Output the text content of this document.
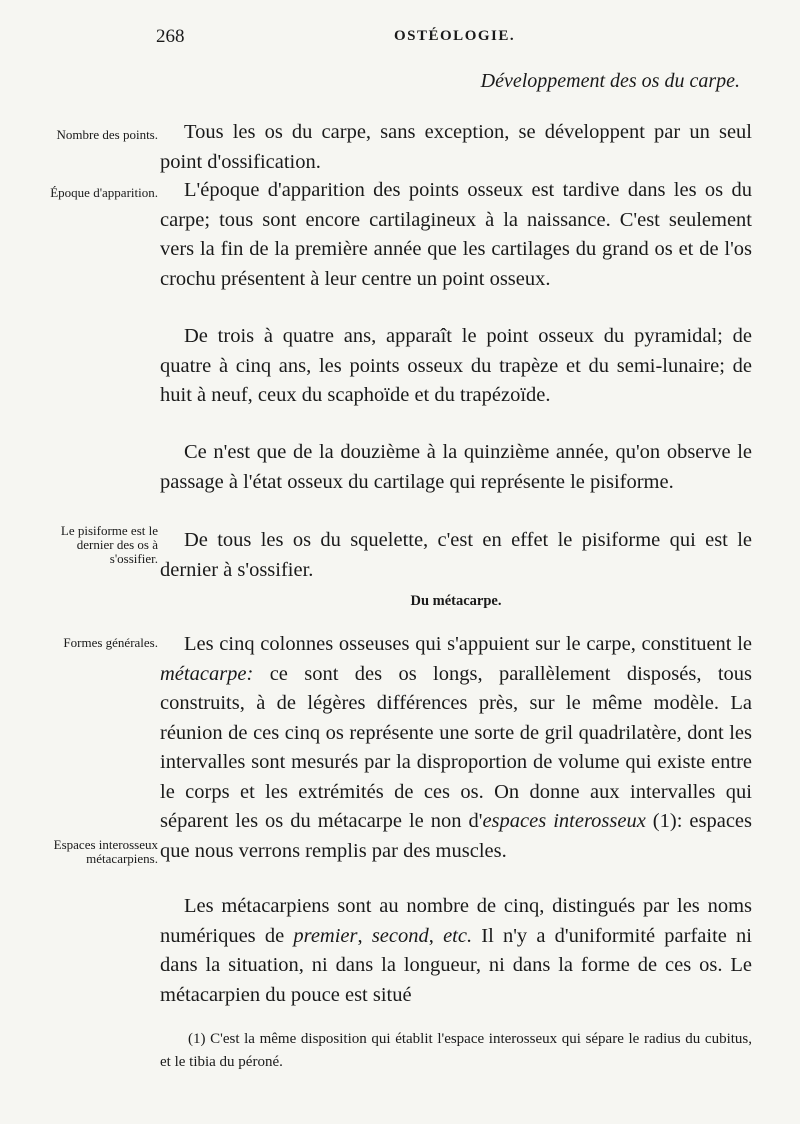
268	OSTÉOLOGIE.
Développement des os du carpe.
Nombre des points.
Époque d'apparition.
Le pisiforme est le dernier des os à s'ossifier.
Formes générales.
Espaces interosseux métacarpiens.

Tous les os du carpe, sans exception, se développent par un seul point d'ossification.

L'époque d'apparition des points osseux est tardive dans les os du carpe; tous sont encore cartilagineux à la naissance. C'est seulement vers la fin de la première année que les cartilages du grand os et de l'os crochu présentent à leur centre un point osseux.

De trois à quatre ans, apparaît le point osseux du pyramidal; de quatre à cinq ans, les points osseux du trapèze et du semi-lunaire; de huit à neuf, ceux du scaphoïde et du trapézoïde.

Ce n'est que de la douzième à la quinzième année, qu'on observe le passage à l'état osseux du cartilage qui représente le pisiforme.

De tous les os du squelette, c'est en effet le pisiforme qui est le dernier à s'ossifier.

Du métacarpe.

Les cinq colonnes osseuses qui s'appuient sur le carpe, constituent le métacarpe: ce sont des os longs, parallèlement disposés, tous construits, à de légères différences près, sur le même modèle. La réunion de ces cinq os représente une sorte de gril quadrilatère, dont les intervalles sont mesurés par la disproportion de volume qui existe entre le corps et les extrémités de ces os. On donne aux intervalles qui séparent les os du métacarpe le non d'espaces interosseux (1): espaces que nous verrons remplis par des muscles.

Les métacarpiens sont au nombre de cinq, distingués par les noms numériques de premier, second, etc. Il n'y a d'uniformité parfaite ni dans la situation, ni dans la longueur, ni dans la forme de ces os. Le métacarpien du pouce est situé

(1) C'est la même disposition qui établit l'espace interosseux qui sépare le radius du cubitus, et le tibia du péroné.
